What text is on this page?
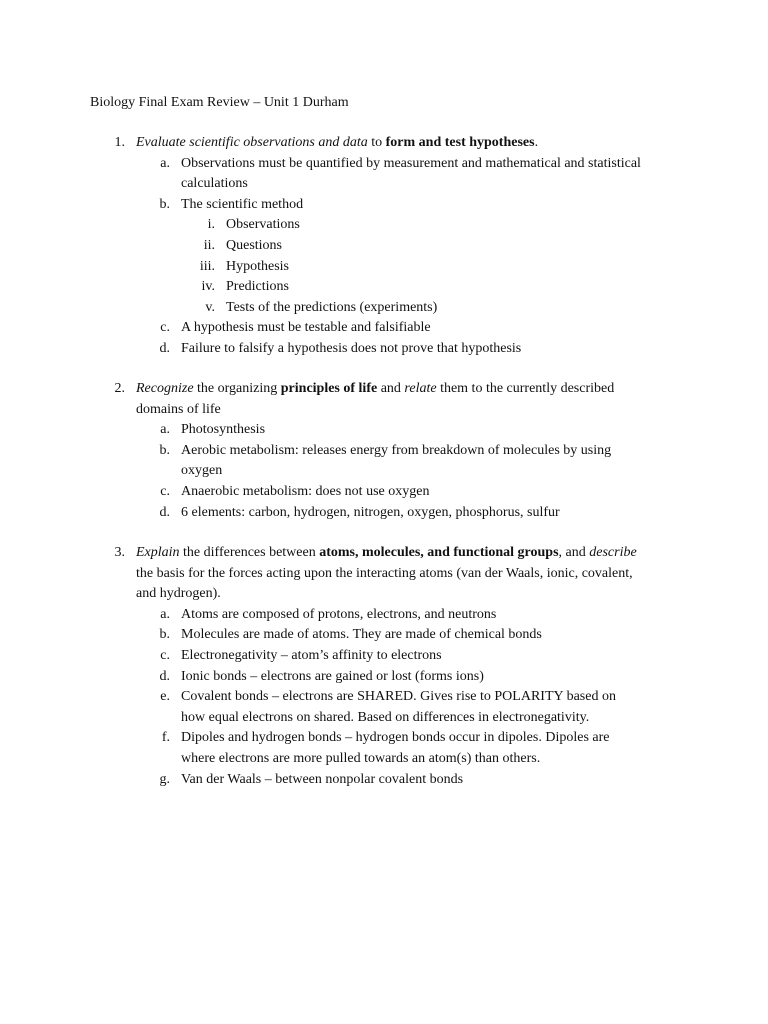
Biology Final Exam Review – Unit 1 Durham
1. Evaluate scientific observations and data to form and test hypotheses.
a. Observations must be quantified by measurement and mathematical and statistical
calculations
b. The scientific method
i. Observations
ii. Questions
iii. Hypothesis
iv. Predictions
v. Tests of the predictions (experiments)
c. A hypothesis must be testable and falsifiable
d. Failure to falsify a hypothesis does not prove that hypothesis
2. Recognize the organizing principles of life and relate them to the currently described
domains of life
a. Photosynthesis
b. Aerobic metabolism: releases energy from breakdown of molecules by using
oxygen
c. Anaerobic metabolism: does not use oxygen
d. 6 elements: carbon, hydrogen, nitrogen, oxygen, phosphorus, sulfur
3. Explain the differences between atoms, molecules, and functional groups, and describe
the basis for the forces acting upon the interacting atoms (van der Waals, ionic, covalent,
and hydrogen).
a. Atoms are composed of protons, electrons, and neutrons
b. Molecules are made of atoms. They are made of chemical bonds
c. Electronegativity – atom’s affinity to electrons
d. Ionic bonds – electrons are gained or lost (forms ions)
e. Covalent bonds – electrons are SHARED. Gives rise to POLARITY based on
how equal electrons on shared. Based on differences in electronegativity.
f. Dipoles and hydrogen bonds – hydrogen bonds occur in dipoles. Dipoles are
where electrons are more pulled towards an atom(s) than others.
g. Van der Waals – between nonpolar covalent bonds
